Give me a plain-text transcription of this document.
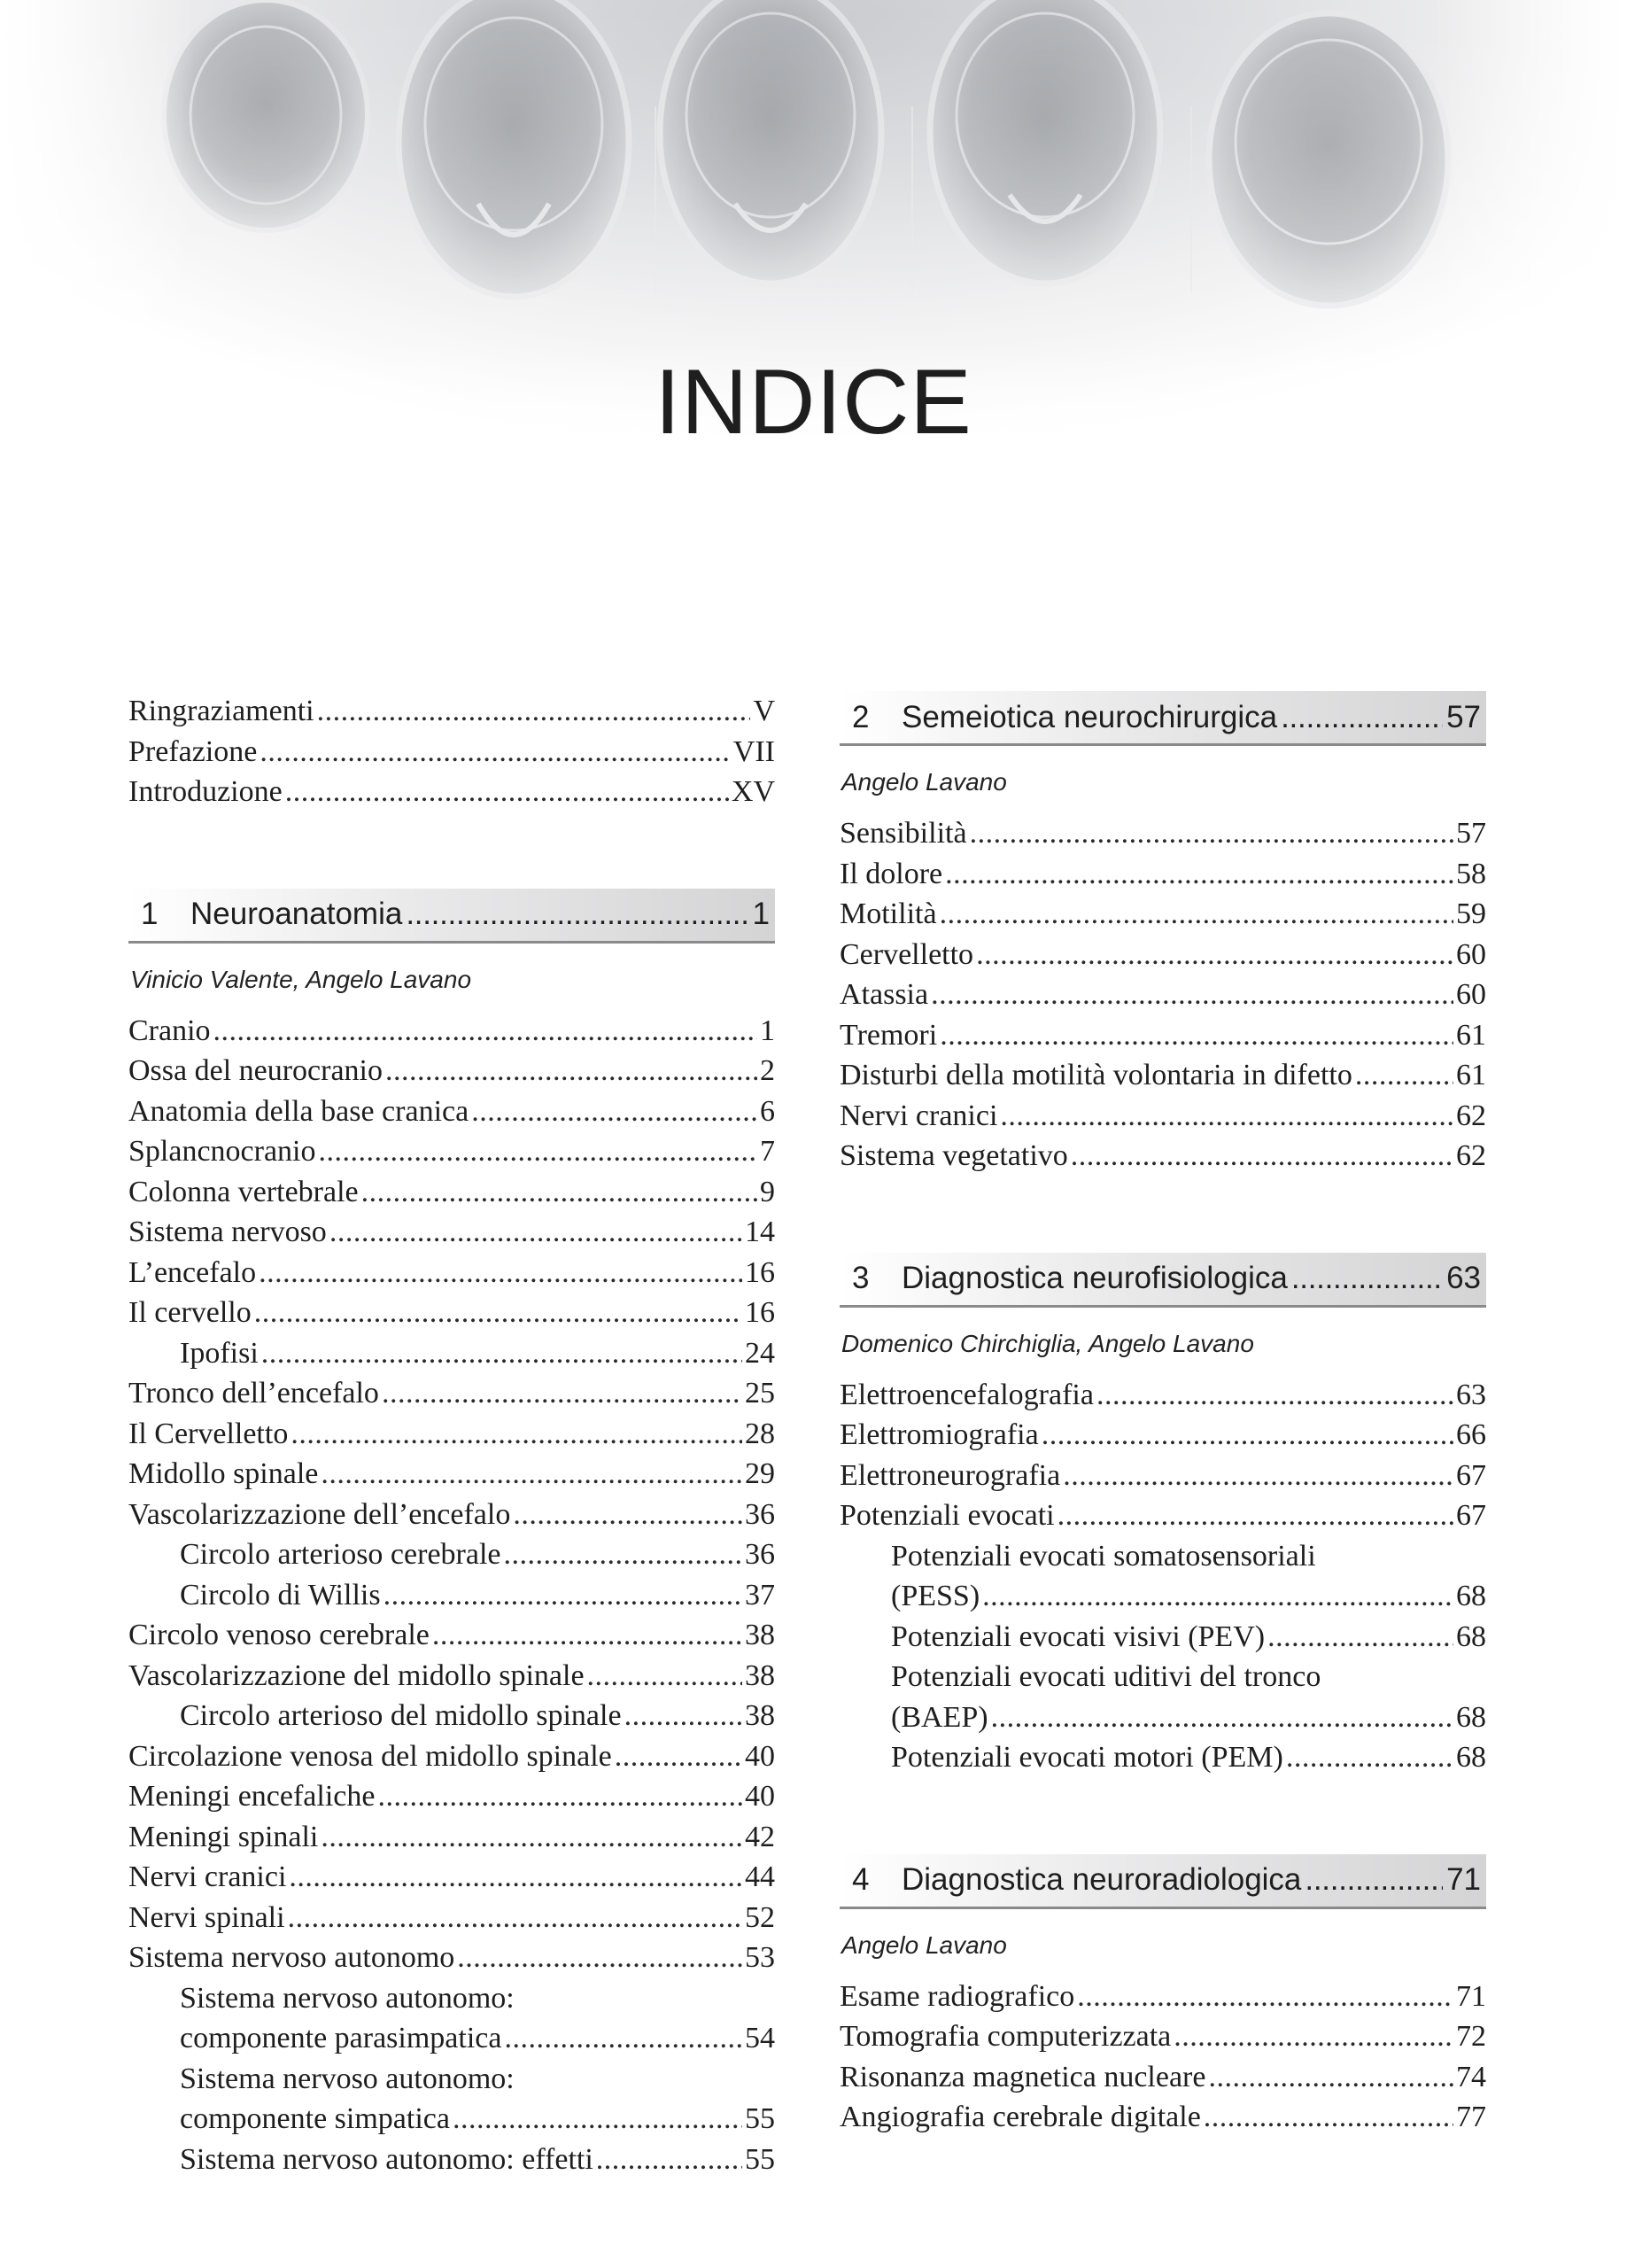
INDICE
Ringraziamenti . . .	V
Prefazione . . .	VII
Introduzione . . .	XV
1	Neuroanatomia . . .	1
Vinicio Valente, Angelo Lavano
Cranio . . .	1
Ossa del neurocranio . . .	2
Anatomia della base cranica . . .	6
Splancnocranio . . .	7
Colonna vertebrale . . .	9
Sistema nervoso . . .	14
L’encefalo . . .	16
Il cervello . . .	16
Ipofisi . . .	24
Tronco dell’encefalo . . .	25
Il Cervelletto . . .	28
Midollo spinale . . .	29
Vascolarizzazione dell’encefalo . . .	36
Circolo arterioso cerebrale . . .	36
Circolo di Willis . . .	37
Circolo venoso cerebrale . . .	38
Vascolarizzazione del midollo spinale . . .	38
Circolo arterioso del midollo spinale . . .	38
Circolazione venosa del midollo spinale . . .	40
Meningi encefaliche . . .	40
Meningi spinali . . .	42
Nervi cranici . . .	44
Nervi spinali . . .	52
Sistema nervoso autonomo . . .	53
Sistema nervoso autonomo:
componente parasimpatica . . .	54
Sistema nervoso autonomo:
componente simpatica . . .	55
Sistema nervoso autonomo: effetti . . .	55
2	Semeiotica neurochirurgica . . .	57
Angelo Lavano
Sensibilità . . .	57
Il dolore . . .	58
Motilità . . .	59
Cervelletto . . .	60
Atassia . . .	60
Tremori . . .	61
Disturbi della motilità volontaria in difetto . . .	61
Nervi cranici . . .	62
Sistema vegetativo . . .	62
3	Diagnostica neurofisiologica . . .	63
Domenico Chirchiglia, Angelo Lavano
Elettroencefalografia . . .	63
Elettromiografia . . .	66
Elettroneurografia . . .	67
Potenziali evocati . . .	67
Potenziali evocati somatosensoriali
(PESS) . . .	68
Potenziali evocati visivi (PEV) . . .	68
Potenziali evocati uditivi del tronco
(BAEP) . . .	68
Potenziali evocati motori (PEM) . . .	68
4	Diagnostica neuroradiologica . . .	71
Angelo Lavano
Esame radiografico . . .	71
Tomografia computerizzata . . .	72
Risonanza magnetica nucleare . . .	74
Angiografia cerebrale digitale . . .	77
